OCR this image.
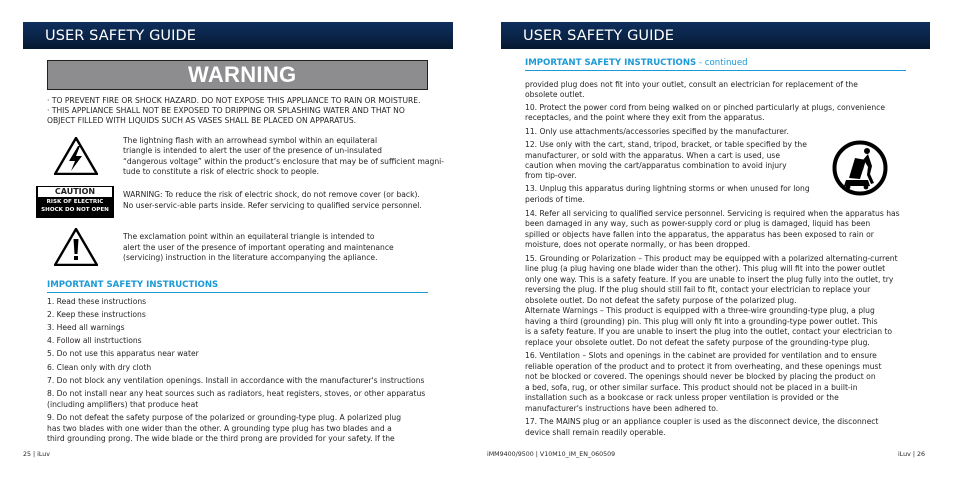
USER SAFETY GUIDE
WARNING
· TO PREVENT FIRE OR SHOCK HAZARD. DO NOT EXPOSE THIS APPLIANCE TO RAIN OR MOISTURE.
· THIS APPLIANCE SHALL NOT BE EXPOSED TO DRIPPING OR SPLASHING WATER AND THAT NO
OBJECT FILLED WITH LIQUIDS SUCH AS VASES SHALL BE PLACED ON APPARATUS.
The lightning flash with an arrowhead symbol within an equilateral
triangle is intended to alert the user of the presence of un-insulated
“dangerous voltage” within the product’s enclosure that may be of sufficient magni-
tude to constitute a risk of electric shock to people.
CAUTION
RISK OF ELECTRIC
SHOCK DO NOT OPEN
WARNING: To reduce the risk of electric shock, do not remove cover (or back).
No user-servic-able parts inside. Refer servicing to qualified service personnel.
The exclamation point within an equilateral triangle is intended to
alert the user of the presence of important operating and maintenance
(servicing) instruction in the literature accompanying the apliance.
IMPORTANT SAFETY INSTRUCTIONS
1. Read these instructions
2. Keep these instructions
3. Heed all warnings
4. Follow all instrtuctions
5. Do not use this apparatus near water
6. Clean only with dry cloth
7. Do not block any ventilation openings. Install in accordance with the manufacturer's instructions
8. Do not install near any heat sources such as radiators, heat registers, stoves, or other apparatus
(including amplifiers) that produce heat
9. Do not defeat the safety purpose of the polarized or grounding-type plug. A polarized plug
has two blades with one wider than the other. A grounding type plug has two blades and a
third grounding prong. The wide blade or the third prong are provided for your safety. If the
25 | iLuv
USER SAFETY GUIDE
IMPORTANT SAFETY INSTRUCTIONS - continued
provided plug does not fit into your outlet, consult an electrician for replacement of the
obsolete outlet.
10. Protect the power cord from being walked on or pinched particularly at plugs, convenience
receptacles, and the point where they exit from the apparatus.
11. Only use attachments/accessories specified by the manufacturer.
12. Use only with the cart, stand, tripod, bracket, or table specified by the
manufacturer, or sold with the apparatus. When a cart is used, use
caution when moving the cart/apparatus combination to avoid injury
from tip-over.
13. Unplug this apparatus during lightning storms or when unused for long
periods of time.
14. Refer all servicing to qualified service personnel. Servicing is required when the apparatus has
been damaged in any way, such as power-supply cord or plug is damaged, liquid has been
spilled or objects have fallen into the apparatus, the apparatus has been exposed to rain or
moisture, does not operate normally, or has been dropped.
15. Grounding or Polarization – This product may be equipped with a polarized alternating-current
line plug (a plug having one blade wider than the other). This plug will fit into the power outlet
only one way. This is a safety feature. If you are unable to insert the plug fully into the outlet, try
reversing the plug. If the plug should still fail to fit, contact your electrician to replace your
obsolete outlet. Do not defeat the safety purpose of the polarized plug.
Alternate Warnings – This product is equipped with a three-wire grounding-type plug, a plug
having a third (grounding) pin. This plug will only fit into a grounding-type power outlet. This
is a safety feature. If you are unable to insert the plug into the outlet, contact your electrician to
replace your obsolete outlet. Do not defeat the safety purpose of the grounding-type plug.
16. Ventilation – Slots and openings in the cabinet are provided for ventilation and to ensure
reliable operation of the product and to protect it from overheating, and these openings must
not be blocked or covered. The openings should never be blocked by placing the product on
a bed, sofa, rug, or other similar surface. This product should not be placed in a built-in
installation such as a bookcase or rack unless proper ventilation is provided or the
manufacturer's instructions have been adhered to.
17. The MAINS plug or an appliance coupler is used as the disconnect device, the disconnect
device shall remain readily operable.
iMM9400/9500 | V10M10_IM_EN_060509	iLuv | 26
